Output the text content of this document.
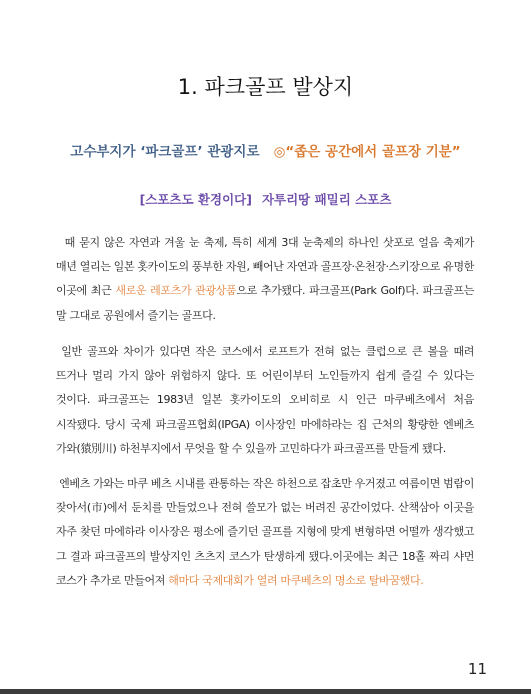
1. 파크골프 발상지
고수부지가 ‘파크골프’ 관광지로 ◎“좁은 공간에서 골프장 기분”
[스포츠도 환경이다] 자투리땅 패밀리 스포츠

때 묻지 않은 자연과 겨울 눈 축제, 특히 세계 3대 눈축제의 하나인 삿포로 얼음 축제가 매년 열리는 일본 홋카이도의 풍부한 자원, 빼어난 자연과 골프장·온천장·스키장으로 유명한 이곳에 최근 새로운 레포츠가 관광상품으로 추가됐다. 파크골프(Park Golf)다. 파크골프는 말 그대로 공원에서 즐기는 골프다.

일반 골프와 차이가 있다면 작은 코스에서 로프트가 전혀 없는 클럽으로 큰 볼을 때려 뜨거나 멀리 가지 않아 위험하지 않다. 또 어린이부터 노인들까지 쉽게 즐길 수 있다는 것이다. 파크골프는 1983년 일본 홋카이도의 오비히로 시 인근 마쿠베츠에서 처음 시작됐다. 당시 국제 파크골프협회(IPGA) 이사장인 마에하라는 집 근처의 황량한 엔베츠 가와(猿別川) 하천부지에서 무엇을 할 수 있을까 고민하다가 파크골프를 만들게 됐다.

엔베츠 가와는 마쿠 베츠 시내를 관통하는 작은 하천으로 잡초만 우거졌고 여름이면 범람이 잦아서(市)에서 둔치를 만들었으나 전혀 쓸모가 없는 버려진 공간이었다. 산책삼아 이곳을 자주 찾던 마에하라 이사장은 평소에 즐기던 골프를 지형에 맞게 변형하면 어떨까 생각했고 그 결과 파크골프의 발상지인 츠츠지 코스가 탄생하게 됐다.이곳에는 최근 18홀 짜리 샤먼 코스가 추가로 만들어져 해마다 국제대회가 열려 마쿠베츠의 명소로 탈바꿈했다.

11
